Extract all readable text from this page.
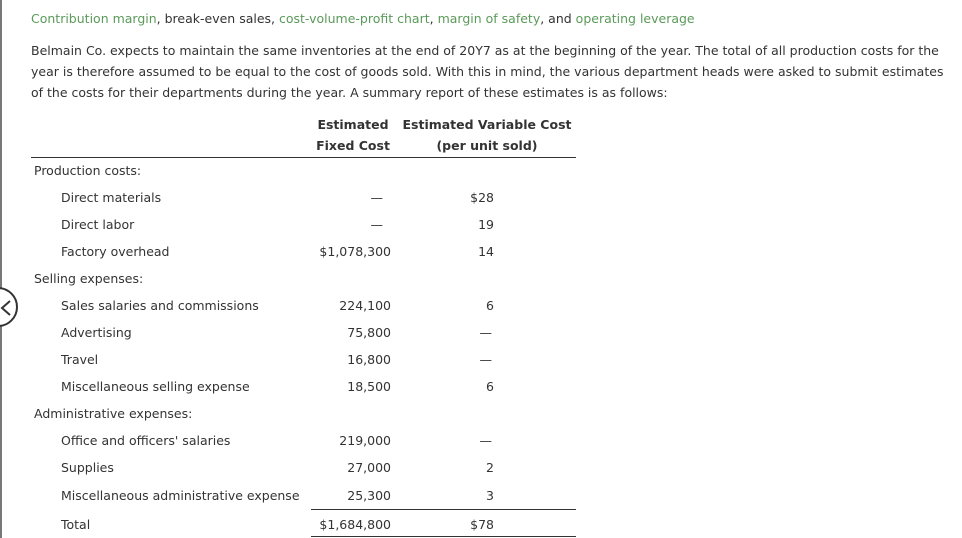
Contribution margin, break-even sales, cost-volume-profit chart, margin of safety, and operating leverage

Belmain Co. expects to maintain the same inventories at the end of 20Y7 as at the beginning of the year. The total of all production costs for the year is therefore assumed to be equal to the cost of goods sold. With this in mind, the various department heads were asked to submit estimates of the costs for their departments during the year. A summary report of these estimates is as follows:

Estimated
Fixed Cost
Estimated Variable Cost
(per unit sold)
Production costs:
Direct materials	—	$28
Direct labor	—	19
Factory overhead	$1,078,300	14
Selling expenses:
Sales salaries and commissions	224,100	6
Advertising	75,800	—
Travel	16,800	—
Miscellaneous selling expense	18,500	6
Administrative expenses:
Office and officers' salaries	219,000	—
Supplies	27,000	2
Miscellaneous administrative expense	25,300	3
Total	$1,684,800	$78
